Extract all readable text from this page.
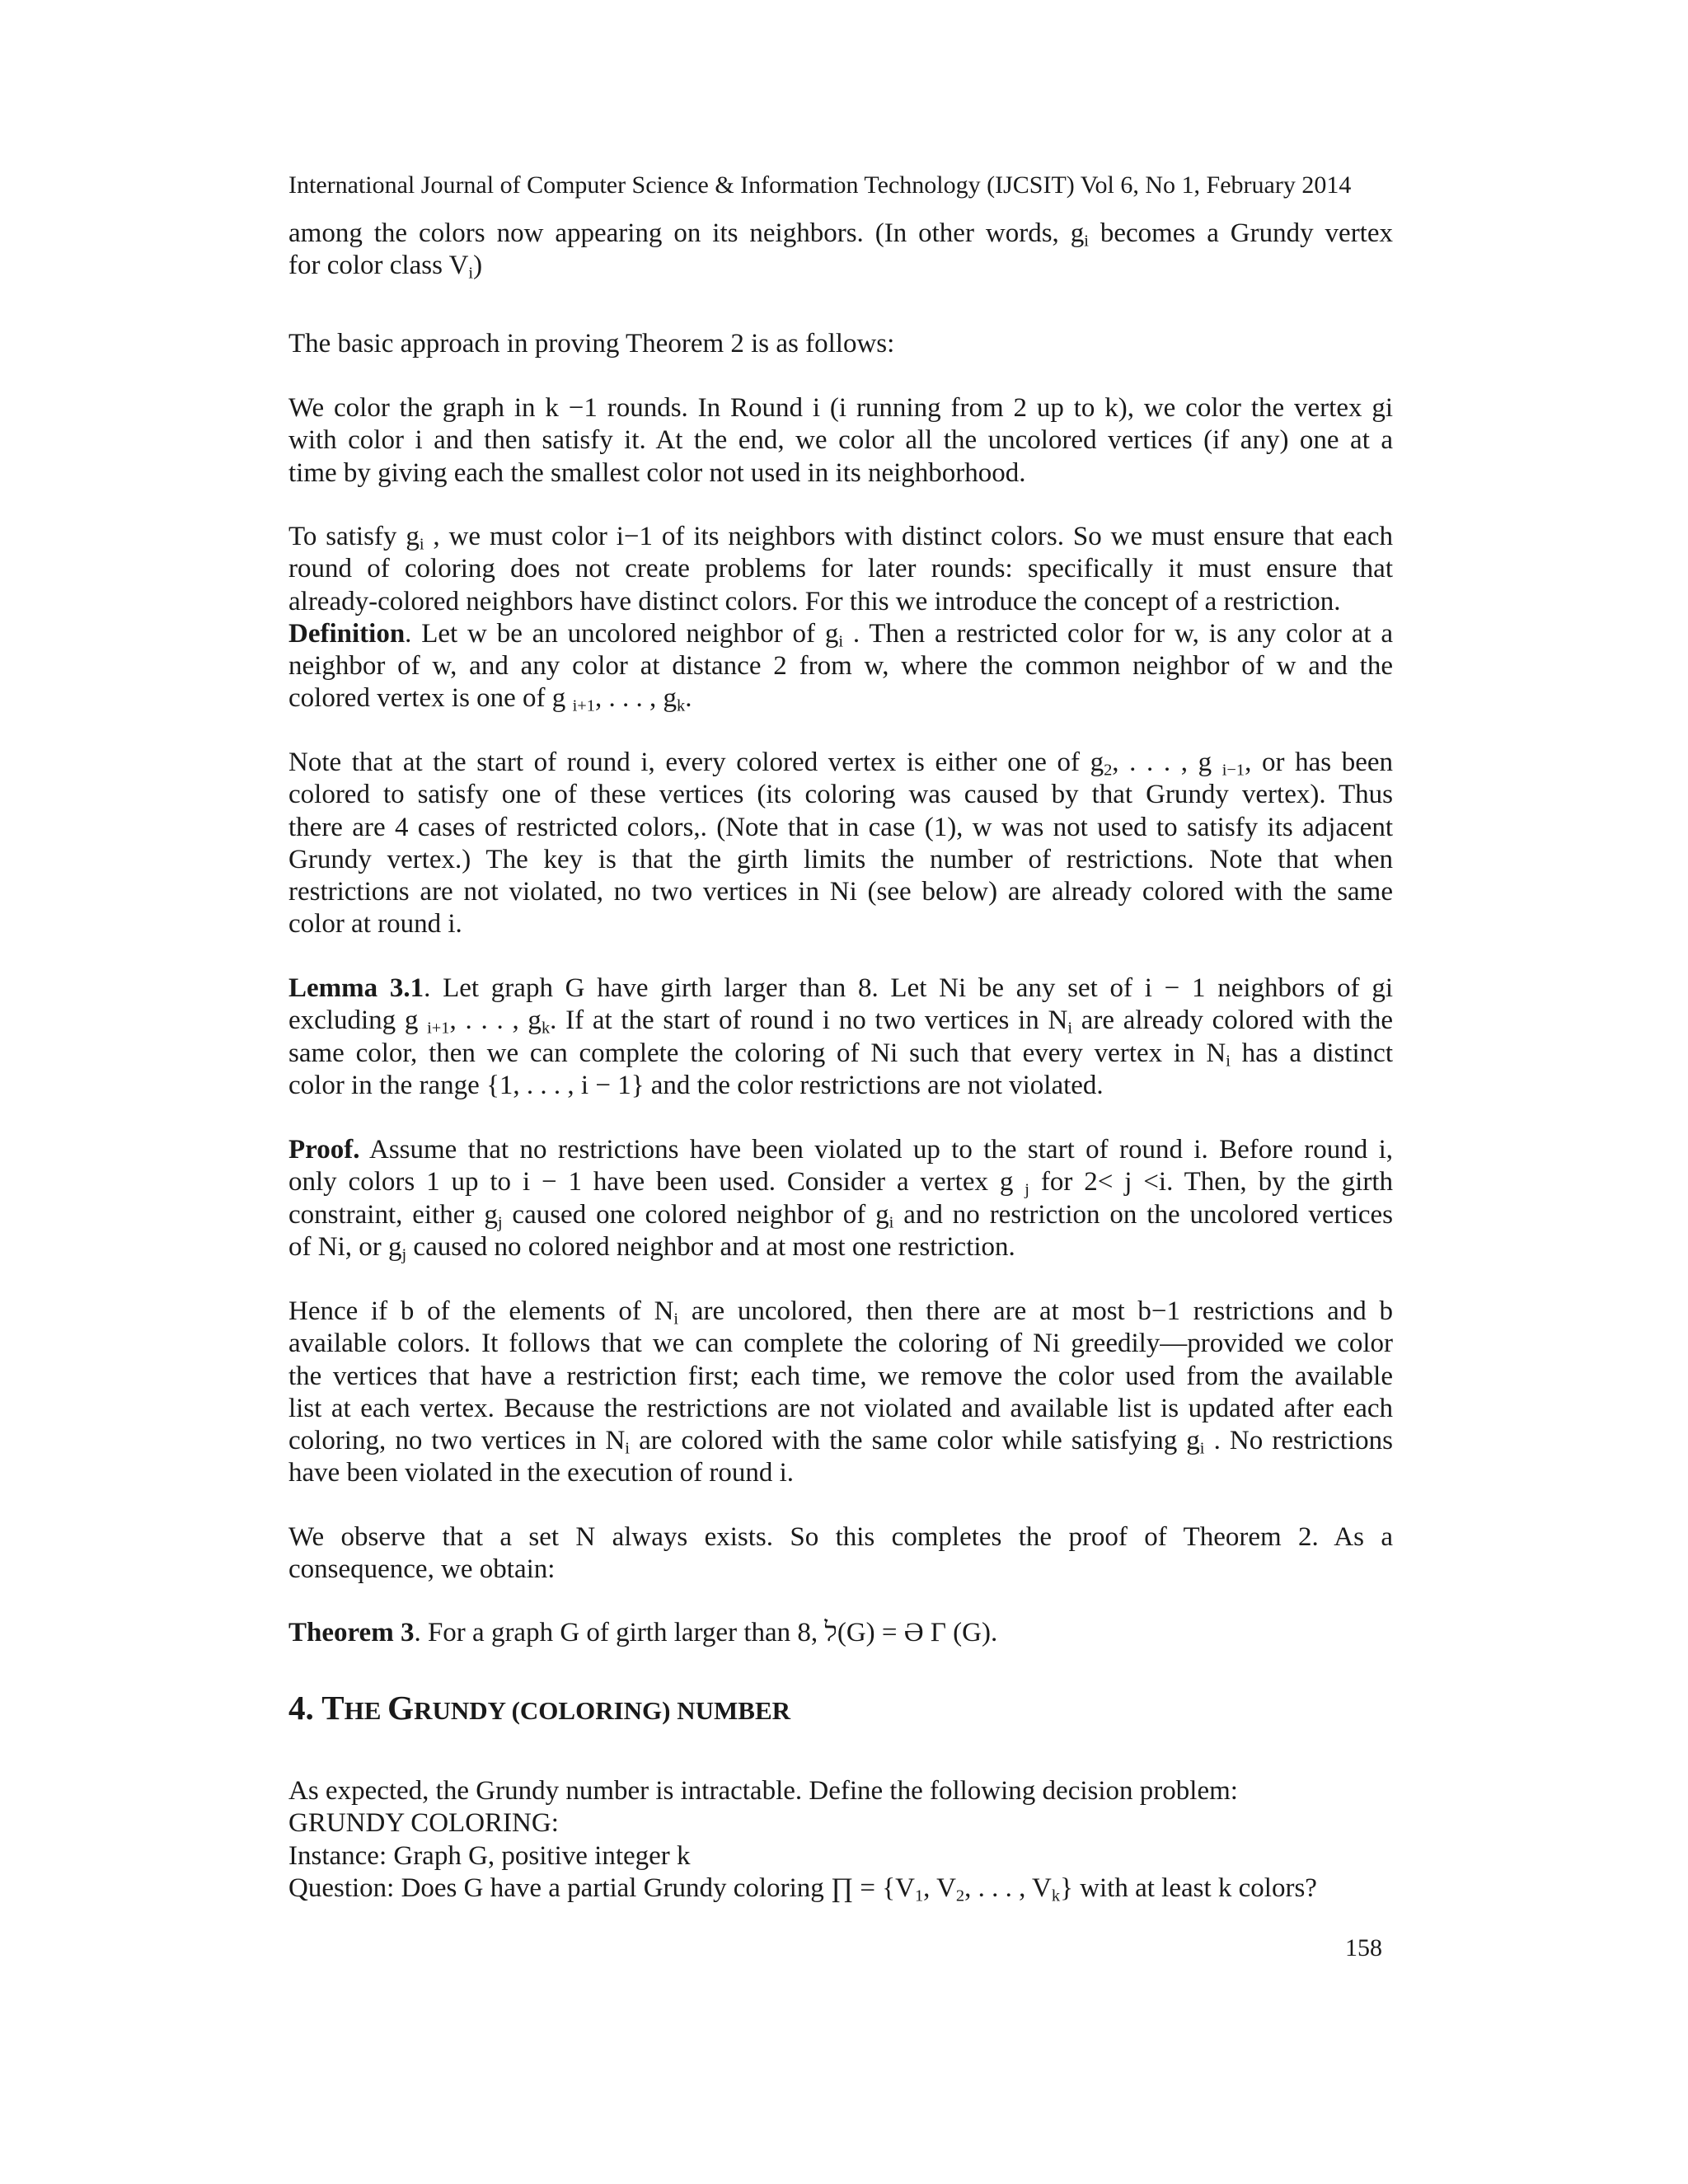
International Journal of Computer Science & Information Technology (IJCSIT) Vol 6, No 1, February 2014
among the colors now appearing on its neighbors. (In other words, $g_i$ becomes a Grundy vertex
for color class $V_i$)
The basic approach in proving Theorem 2 is as follows:
We color the graph in k −1 rounds. In Round i (i running from 2 up to k), we color the vertex gi
with color i and then satisfy it. At the end, we color all the uncolored vertices (if any) one at a
time by giving each the smallest color not used in its neighborhood.
To satisfy $g_i$ , we must color i−1 of its neighbors with distinct colors. So we must ensure that each
round of coloring does not create problems for later rounds: specifically it must ensure that
already-colored neighbors have distinct colors. For this we introduce the concept of a restriction.
Definition. Let w be an uncolored neighbor of $g_i$ . Then a restricted color for w, is any color at a
neighbor of w, and any color at distance 2 from w, where the common neighbor of w and the
colored vertex is one of g $_{i+1}$, . . . , $g_k$.
Note that at the start of round i, every colored vertex is either one of $g_2$, . . . , g $_{i-1}$, or has been
colored to satisfy one of these vertices (its coloring was caused by that Grundy vertex). Thus
there are 4 cases of restricted colors,. (Note that in case (1), w was not used to satisfy its adjacent
Grundy vertex.) The key is that the girth limits the number of restrictions. Note that when
restrictions are not violated, no two vertices in Ni (see below) are already colored with the same
color at round i.
Lemma 3.1. Let graph G have girth larger than 8. Let Ni be any set of i − 1 neighbors of gi
excluding g $_{i+1}$, . . . , $g_k$. If at the start of round i no two vertices in $N_i$ are already colored with the
same color, then we can complete the coloring of Ni such that every vertex in $N_i$ has a distinct
color in the range {1, . . . , i − 1} and the color restrictions are not violated.
Proof. Assume that no restrictions have been violated up to the start of round i. Before round i,
only colors 1 up to i − 1 have been used. Consider a vertex g $_j$ for 2< j <i. Then, by the girth
constraint, either $g_j$ caused one colored neighbor of $g_i$ and no restriction on the uncolored vertices
of Ni, or $g_j$ caused no colored neighbor and at most one restriction.
Hence if b of the elements of $N_i$ are uncolored, then there are at most b−1 restrictions and b
available colors. It follows that we can complete the coloring of Ni greedily—provided we color
the vertices that have a restriction first; each time, we remove the color used from the available
list at each vertex. Because the restrictions are not violated and available list is updated after each
coloring, no two vertices in $N_i$ are colored with the same color while satisfying $g_i$ . No restrictions
have been violated in the execution of round i.
We observe that a set N always exists. So this completes the proof of Theorem 2. As a
consequence, we obtain:
Theorem 3. For a graph G of girth larger than 8, ל(G) = Ə Γ (G).
4. THE GRUNDY (COLORING) NUMBER
As expected, the Grundy number is intractable. Define the following decision problem:
GRUNDY COLORING:
Instance: Graph G, positive integer k
Question: Does G have a partial Grundy coloring ∏ = {$V_1$, $V_2$, . . . , $V_k$} with at least k colors?
158
